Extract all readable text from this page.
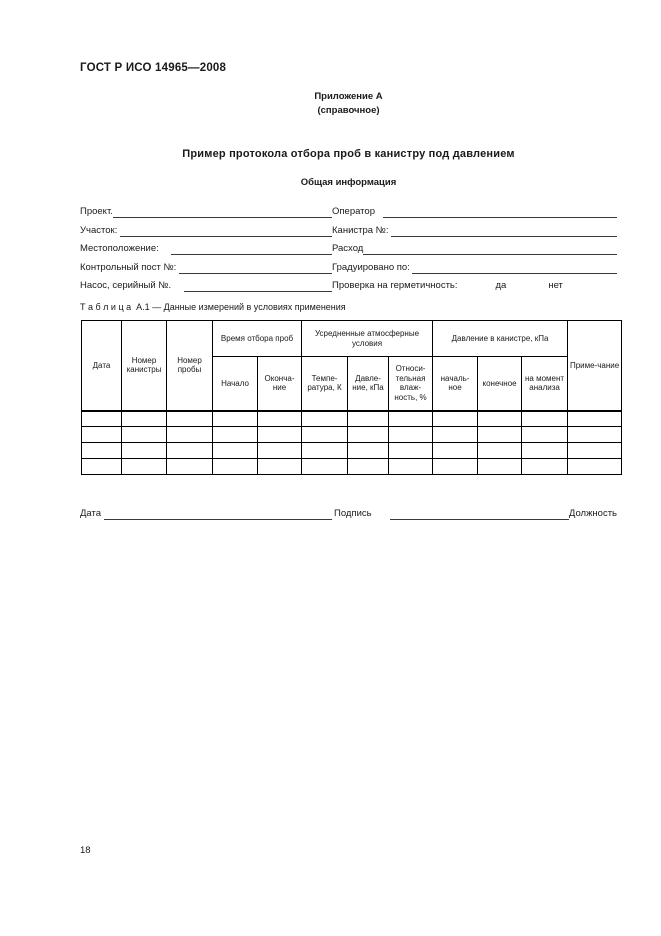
ГОСТ Р ИСО 14965—2008
Приложение А
(справочное)
Пример протокола отбора проб в канистру под давлением
Общая информация
Проект.	Оператор
Участок:	Канистра №:
Местоположение:	Расход
Контрольный пост №:	Градуировано по:
Насос, серийный №.	Проверка на герметичность:	да	нет
Т а б л и ц а  А.1 — Данные измерений в условиях применения
Дата	Номер канистры	Номер пробы	Время отбора проб		Усредненные атмосферные условия			Давление в канистре, кПа			Приме-чание
			Начало	Оконча-ние	Темпе-ратура, К	Давле-ние, кПа	Относи-тельная влаж-ность, %	началь-ное	конечное	на момент анализа	

Дата	Подпись	Должность
18
